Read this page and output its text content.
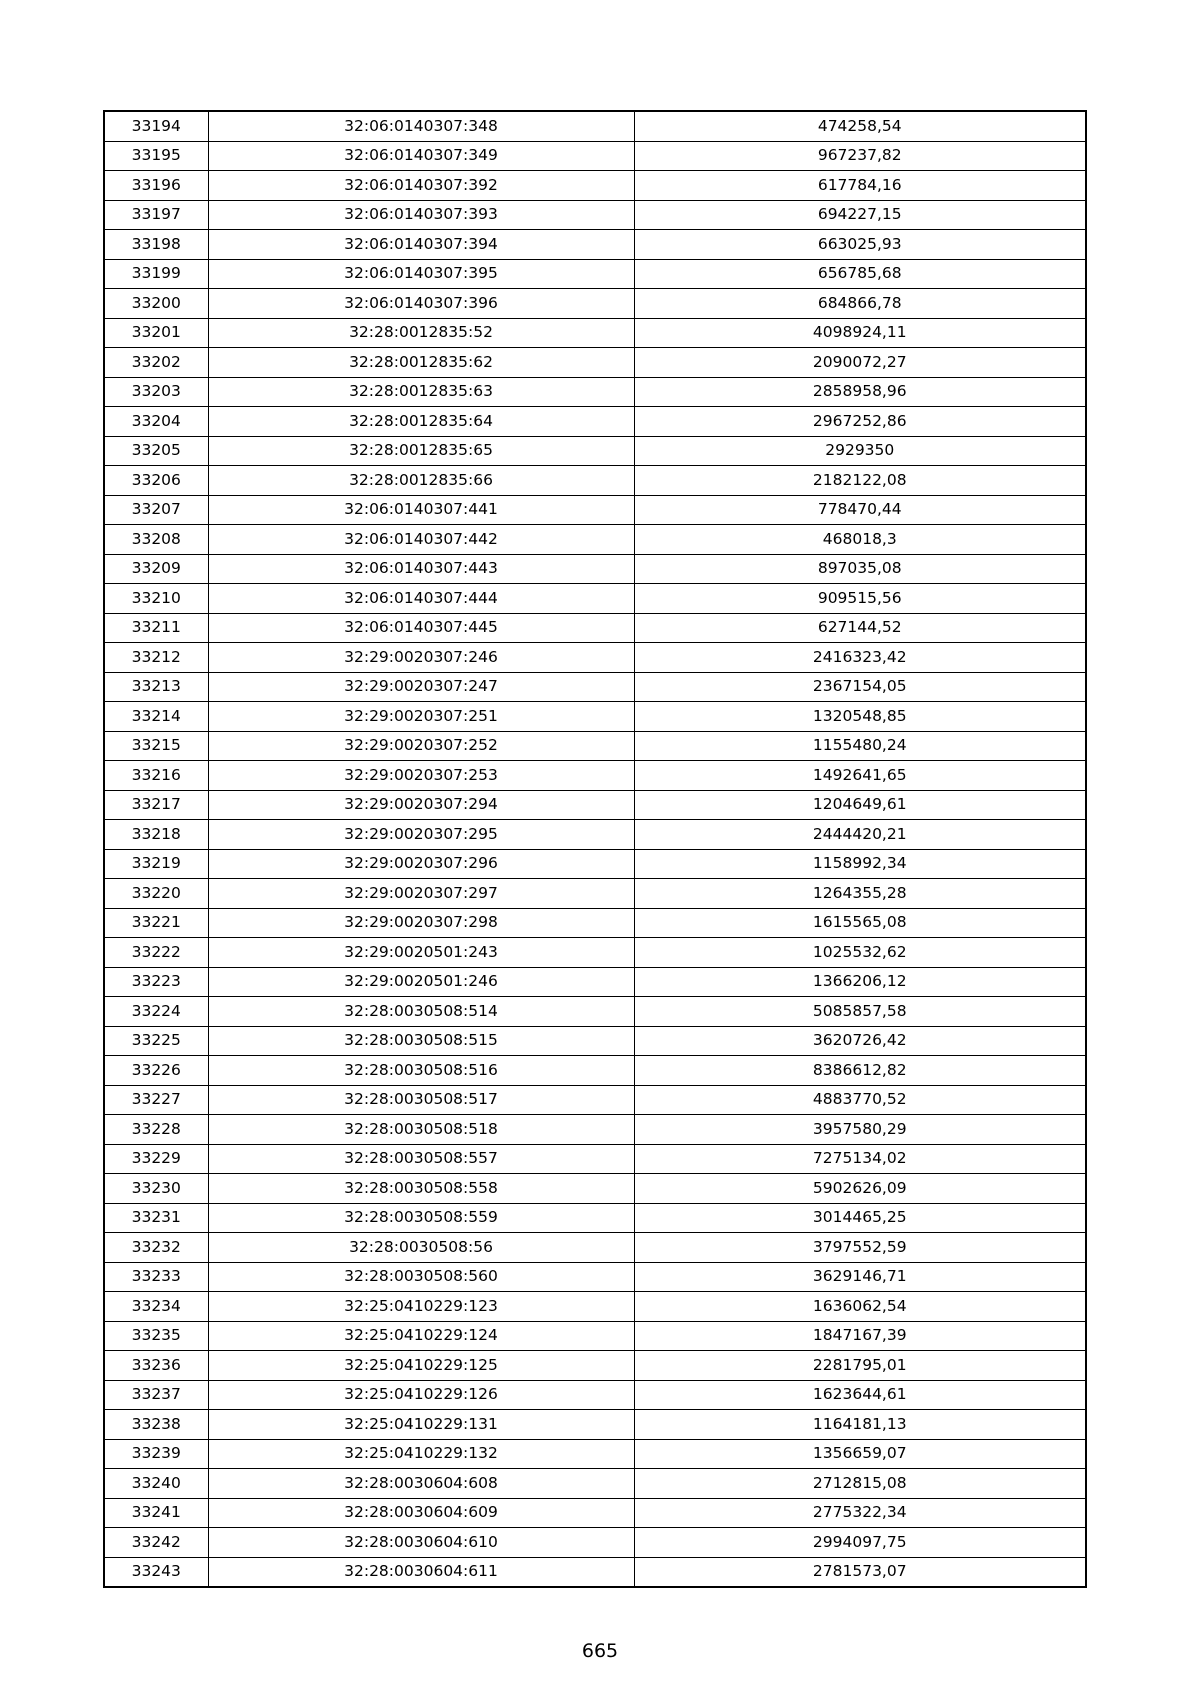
33194	32:06:0140307:348	474258,54
33195	32:06:0140307:349	967237,82
33196	32:06:0140307:392	617784,16
33197	32:06:0140307:393	694227,15
33198	32:06:0140307:394	663025,93
33199	32:06:0140307:395	656785,68
33200	32:06:0140307:396	684866,78
33201	32:28:0012835:52	4098924,11
33202	32:28:0012835:62	2090072,27
33203	32:28:0012835:63	2858958,96
33204	32:28:0012835:64	2967252,86
33205	32:28:0012835:65	2929350
33206	32:28:0012835:66	2182122,08
33207	32:06:0140307:441	778470,44
33208	32:06:0140307:442	468018,3
33209	32:06:0140307:443	897035,08
33210	32:06:0140307:444	909515,56
33211	32:06:0140307:445	627144,52
33212	32:29:0020307:246	2416323,42
33213	32:29:0020307:247	2367154,05
33214	32:29:0020307:251	1320548,85
33215	32:29:0020307:252	1155480,24
33216	32:29:0020307:253	1492641,65
33217	32:29:0020307:294	1204649,61
33218	32:29:0020307:295	2444420,21
33219	32:29:0020307:296	1158992,34
33220	32:29:0020307:297	1264355,28
33221	32:29:0020307:298	1615565,08
33222	32:29:0020501:243	1025532,62
33223	32:29:0020501:246	1366206,12
33224	32:28:0030508:514	5085857,58
33225	32:28:0030508:515	3620726,42
33226	32:28:0030508:516	8386612,82
33227	32:28:0030508:517	4883770,52
33228	32:28:0030508:518	3957580,29
33229	32:28:0030508:557	7275134,02
33230	32:28:0030508:558	5902626,09
33231	32:28:0030508:559	3014465,25
33232	32:28:0030508:56	3797552,59
33233	32:28:0030508:560	3629146,71
33234	32:25:0410229:123	1636062,54
33235	32:25:0410229:124	1847167,39
33236	32:25:0410229:125	2281795,01
33237	32:25:0410229:126	1623644,61
33238	32:25:0410229:131	1164181,13
33239	32:25:0410229:132	1356659,07
33240	32:28:0030604:608	2712815,08
33241	32:28:0030604:609	2775322,34
33242	32:28:0030604:610	2994097,75
33243	32:28:0030604:611	2781573,07
665
